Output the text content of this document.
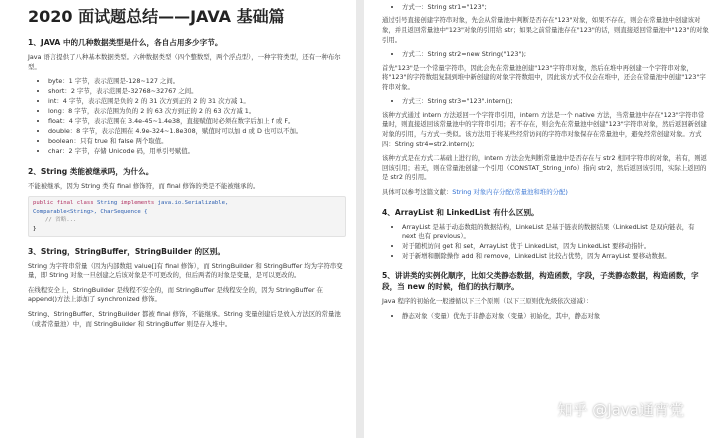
2020 面试题总结——JAVA 基础篇
1、JAVA 中的几种数据类型是什么，各自占用多少字节。
Java 语言提供了八种基本数据类型。六种数据类型（四个整数型，两个浮点型），一种字符类型，还有一种布尔型。
• byte：1 字节，表示范围是-128~127 之间。
• short：2 字节，表示范围是-32768~32767 之间。
• int：4 字节，表示范围是负的 2 的 31 次方到正的 2 的 31 次方减 1。
• long：8 字节，表示范围为负的 2 的 63 次方到正的 2 的 63 次方减 1。
• float：4 字节，表示范围在 3.4e-45~1.4e38，直接赋值时必须在数字后加上 f 或 F。
• double：8 字节，表示范围在 4.9e-324~1.8e308，赋值时可以加 d 或 D 也可以不加。
• boolean：只有 true 和 false 两个取值。
• char：2 字节，存储 Unicode 码，用单引号赋值。
2、String 类能被继承吗，为什么。
不能被继承，因为 String 类有 final 修饰符，而 final 修饰的类是不能被继承的。
public final class String implements java.io.Serializable,
Comparable<String>, CharSequence {
// 省略...
}
3、String，StringBuffer，StringBuilder 的区别。
String 为字符串常量（因为内部数组 value[]有 final 修饰），而 StringBuilder 和 StringBuffer 均为字符串变量，即 String 对象一旦创建之后该对象是不可更改的，但后两者的对象是变量，是可以更改的。
在线程安全上，StringBuilder 是线程不安全的，而 StringBuffer 是线程安全的，因为 StringBuffer 在 append()方法上添加了 synchronized 修饰。
String、StringBuffer、StringBuilder 都被 final 修饰，不能继承。String 变量创建后是放入方法区的常量池（或者常量池）中，而 StringBuilder 和 StringBuffer 则是存入堆中。
• 方式一：String str1="123";
通过引号直接创建字符串对象，先会从常量池中判断是否存在"123"对象，如果不存在，则会在常量池中创建该对象，并且返回常量池中"123"对象的引用给 str；如果之前常量池存在"123"的话，则直接返回常量池中"123"的对象引用。
• 方式二：String str2=new String("123");
首先"123"是一个常量字符串，因此会先在常量池创建"123"字符串对象，然后在堆中再创建一个字符串对象，将"123"的字符数组复制到堆中新创建的对象字符数组中，因此该方式不仅会在堆中，还会在常量池中创建"123"字符串对象。
• 方式三：String str3="123".intern();
该种方式通过 intern 方法返回一个字符串引用，intern 方法是一个 native 方法，当常量池中存在"123"字符串常量时，则直接返回该常量池中的字符串引用；若不存在，则会先在常量池中创建"123"字符串对象，然后返回新创建对象的引用，与方式一类似。该方法用于将某些经常访问的字符串对象保存在常量池中，避免经常创建对象。方式四：String str4=str2.intern();
该种方式是在方式二基础上进行的，intern 方法会先判断常量池中是否存在与 str2 相同字符串的对象，若有，则返回该引用；若无，则在常量池创建一个引用（CONSTAT_String_info）指向 str2，然后返回该引用，实际上返回的是 str2 的引用。
具体可以参考这篇文献：String 对象内存分配(常量池和堆的分配)
4、ArrayList 和 LinkedList 有什么区别。
• ArrayList 是基于动态数组的数据结构，LinkeList 是基于链表的数据结果（LinkedList 是双向链表，有 next 也有 previous）。
• 对于随机访问 get 和 set，ArrayList 优于 LinkedList，因为 LinkedList 要移动指针。
• 对于新增和删除操作 add 和 remove，LinkedList 比较占优势，因为 ArrayList 要移动数据。
5、讲讲类的实例化顺序，比如父类静态数据，构造函数，字段，子类静态数据，构造函数，字段，当 new 的时候，他们的执行顺序。
Java 程序的初始化一般遵循以下三个原则（以下三原则优先级依次递减）：
• 静态对象（变量）优先于非静态对象（变量）初始化，其中，静态对象
知乎 @Java通宵党
